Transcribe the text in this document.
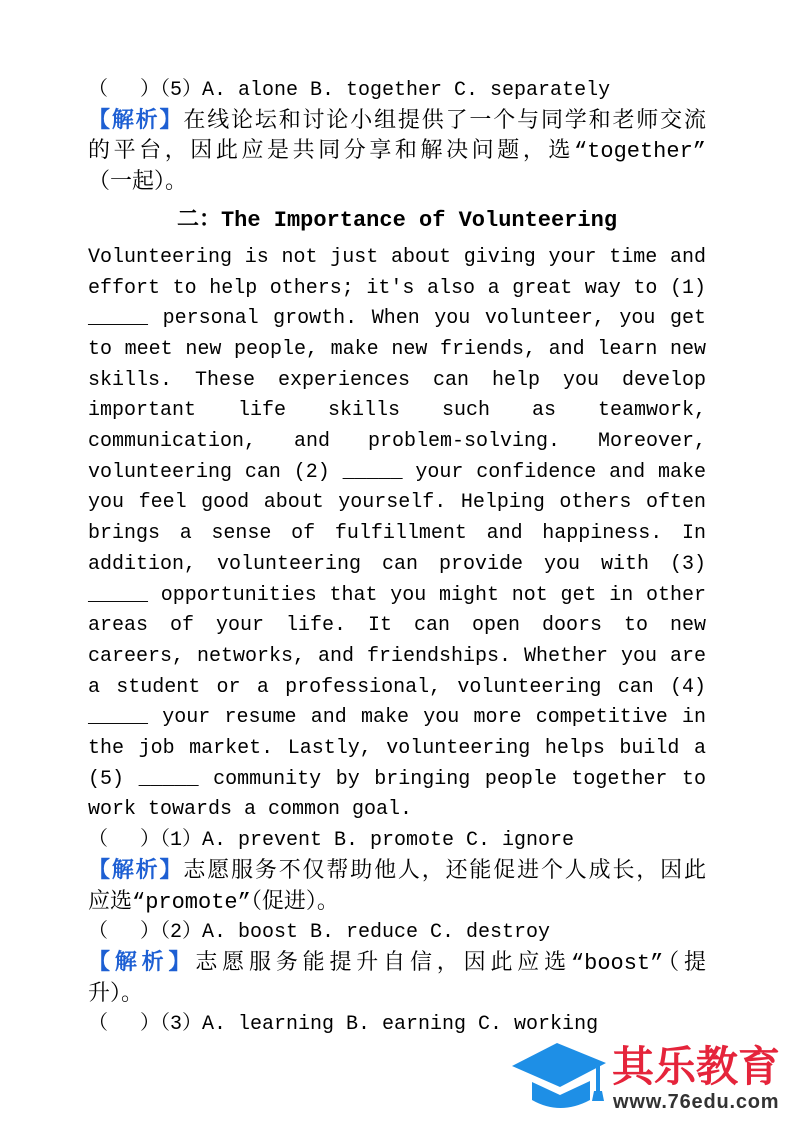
（　 ）（5）A. alone B. together C. separately
【解析】在线论坛和讨论小组提供了一个与同学和老师交流
的平台，因此应是共同分享和解决问题，选“together”
（一起）。
二：The Importance of Volunteering

Volunteering is not just about giving your time and effort to help others; it's also a great way to (1) _____ personal growth. When you volunteer, you get to meet new people, make new friends, and learn new skills. These experiences can help you develop important life skills such as teamwork, communication, and problem-solving. Moreover, volunteering can (2) _____ your confidence and make you feel good about yourself. Helping others often brings a sense of fulfillment and happiness. In addition, volunteering can provide you with (3) _____ opportunities that you might not get in other areas of your life. It can open doors to new careers, networks, and friendships. Whether you are a student or a professional, volunteering can (4) _____ your resume and make you more competitive in the job market. Lastly, volunteering helps build a (5) _____ community by bringing people together to work towards a common goal.

（　 ）（1）A. prevent B. promote C. ignore
【解析】志愿服务不仅帮助他人，还能促进个人成长，因此
应选“promote”（促进）。
（　 ）（2）A. boost B. reduce C. destroy
【解析】志愿服务能提升自信，因此应选“boost”（提
升）。
（　 ）（3）A. learning B. earning C. working
其乐教育
www.76edu.com
